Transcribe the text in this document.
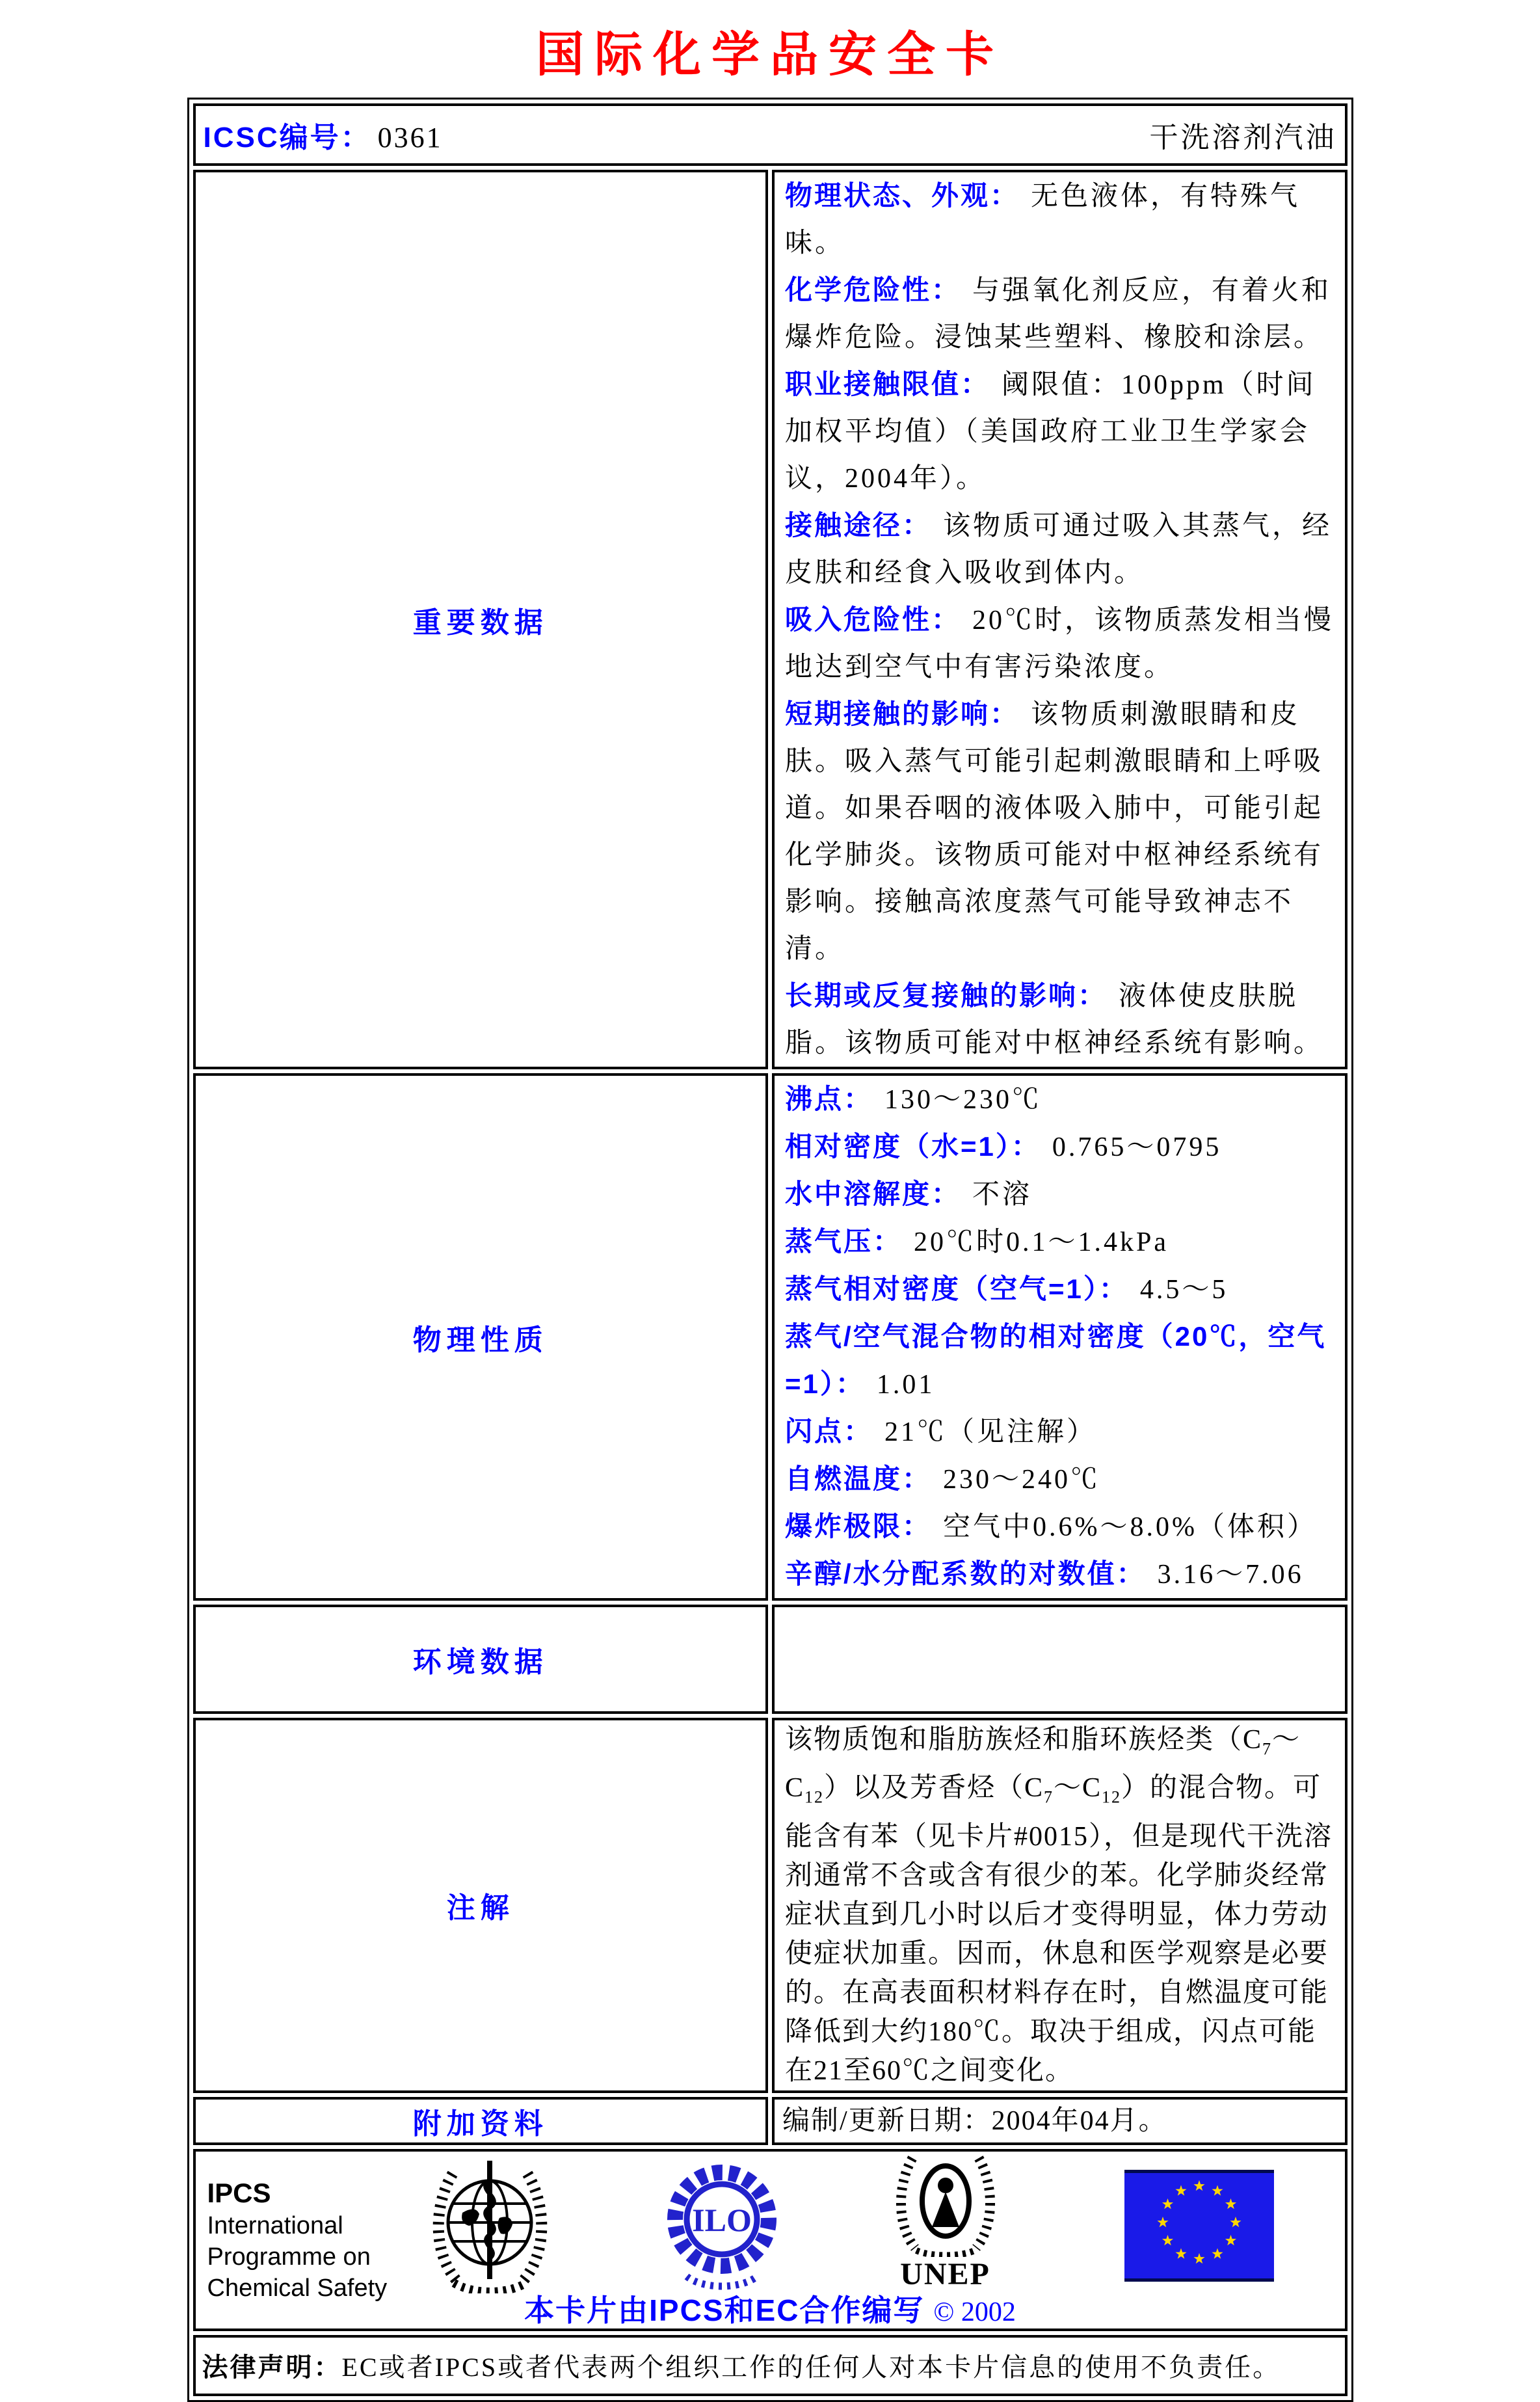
国际化学品安全卡
ICSC编号： 0361 干洗溶剂汽油	

重要数据	
物理状态、外观： 无色液体，有特殊气味。
化学危险性： 与强氧化剂反应，有着火和爆炸危险。浸蚀某些塑料、橡胶和涂层。
职业接触限值： 阈限值：100ppm（时间加权平均值）（美国政府工业卫生学家会议，2004年）。
接触途径： 该物质可通过吸入其蒸气，经皮肤和经食入吸收到体内。
吸入危险性： 20℃时，该物质蒸发相当慢地达到空气中有害污染浓度。
短期接触的影响： 该物质刺激眼睛和皮肤。吸入蒸气可能引起刺激眼睛和上呼吸道。如果吞咽的液体吸入肺中，可能引起化学肺炎。该物质可能对中枢神经系统有影响。接触高浓度蒸气可能导致神志不清。
长期或反复接触的影响： 液体使皮肤脱脂。该物质可能对中枢神经系统有影响。

物理性质	
沸点： 130～230℃
相对密度（水=1）： 0.765～0795
水中溶解度： 不溶
蒸气压： 20℃时0.1～1.4kPa
蒸气相对密度（空气=1）： 4.5～5
蒸气/空气混合物的相对密度（20℃，空气=1）： 1.01
闪点： 21℃（见注解）
自燃温度： 230～240℃
爆炸极限： 空气中0.6%～8.0%（体积）
辛醇/水分配系数的对数值： 3.16～7.06

环境数据	
注解	该物质饱和脂肪族烃和脂环族烃类$(C_7\sim C_{12})$以及芳香烃$(C_7\sim C_{12})$的混合物。可能含有苯（见卡片#0015），但是现代干洗溶剂通常不含或含有很少的苯。化学肺炎经常症状直到几小时以后才变得明显，体力劳动使症状加重。因而，休息和医学观察是必要的。在高表面积材料存在时，自燃温度可能降低到大约180℃。取决于组成，闪点可能在21至60℃之间变化。

附加资料	编制/更新日期：2004年04月。

IPCS
International
Programme on
Chemical Safety
ILO
UNEP
本卡片由IPCS和EC合作编写 © 2002

法律声明：EC或者IPCS或者代表两个组织工作的任何人对本卡片信息的使用不负责任。	
